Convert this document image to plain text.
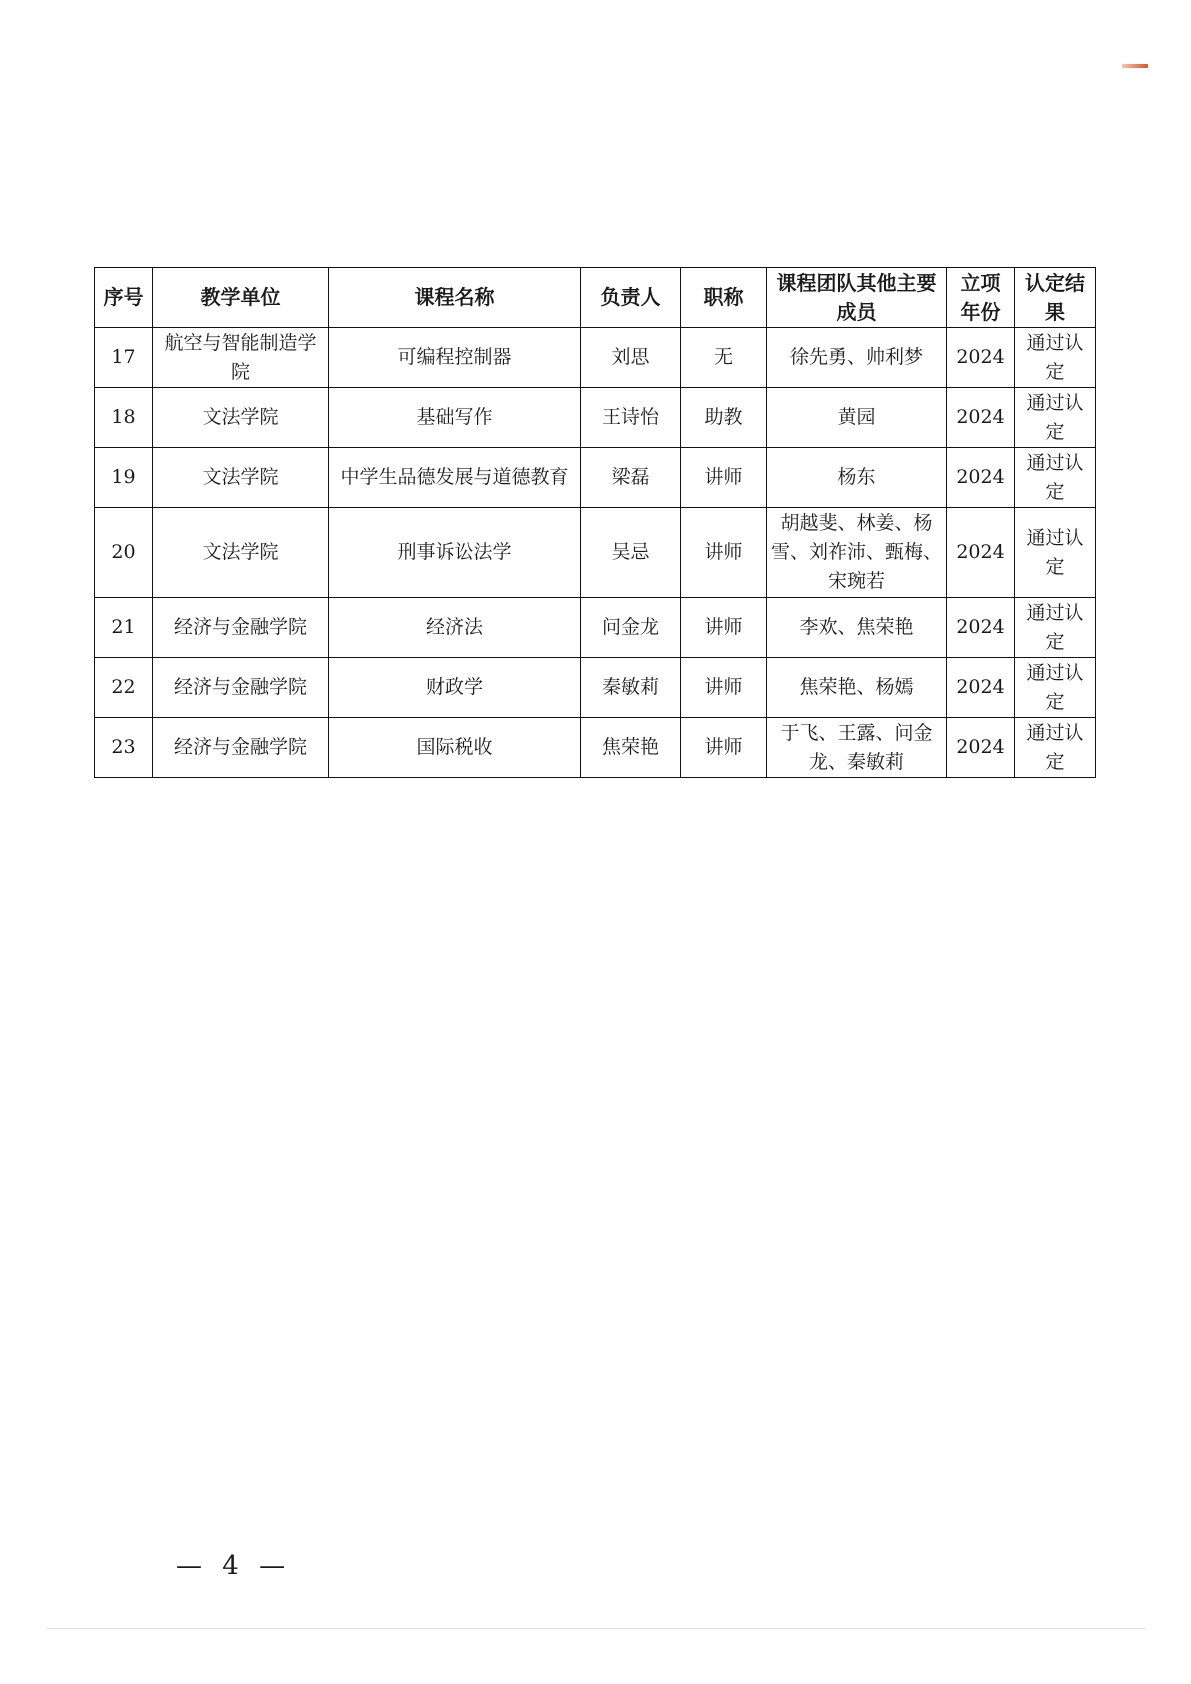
序号	教学单位	课程名称	负责人	职称	课程团队其他主要成员	立项年份	认定结果
17	航空与智能制造学院	可编程控制器	刘思	无	徐先勇、帅利梦	2024	通过认定
18	文法学院	基础写作	王诗怡	助教	黄园	2024	通过认定
19	文法学院	中学生品德发展与道德教育	梁磊	讲师	杨东	2024	通过认定
20	文法学院	刑事诉讼法学	吴忌	讲师	胡越斐、林姜、杨雪、刘祚沛、甄梅、宋琬若	2024	通过认定
21	经济与金融学院	经济法	问金龙	讲师	李欢、焦荣艳	2024	通过认定
22	经济与金融学院	财政学	秦敏莉	讲师	焦荣艳、杨嫣	2024	通过认定
23	经济与金融学院	国际税收	焦荣艳	讲师	于飞、王露、问金龙、秦敏莉	2024	通过认定
— 4 —
